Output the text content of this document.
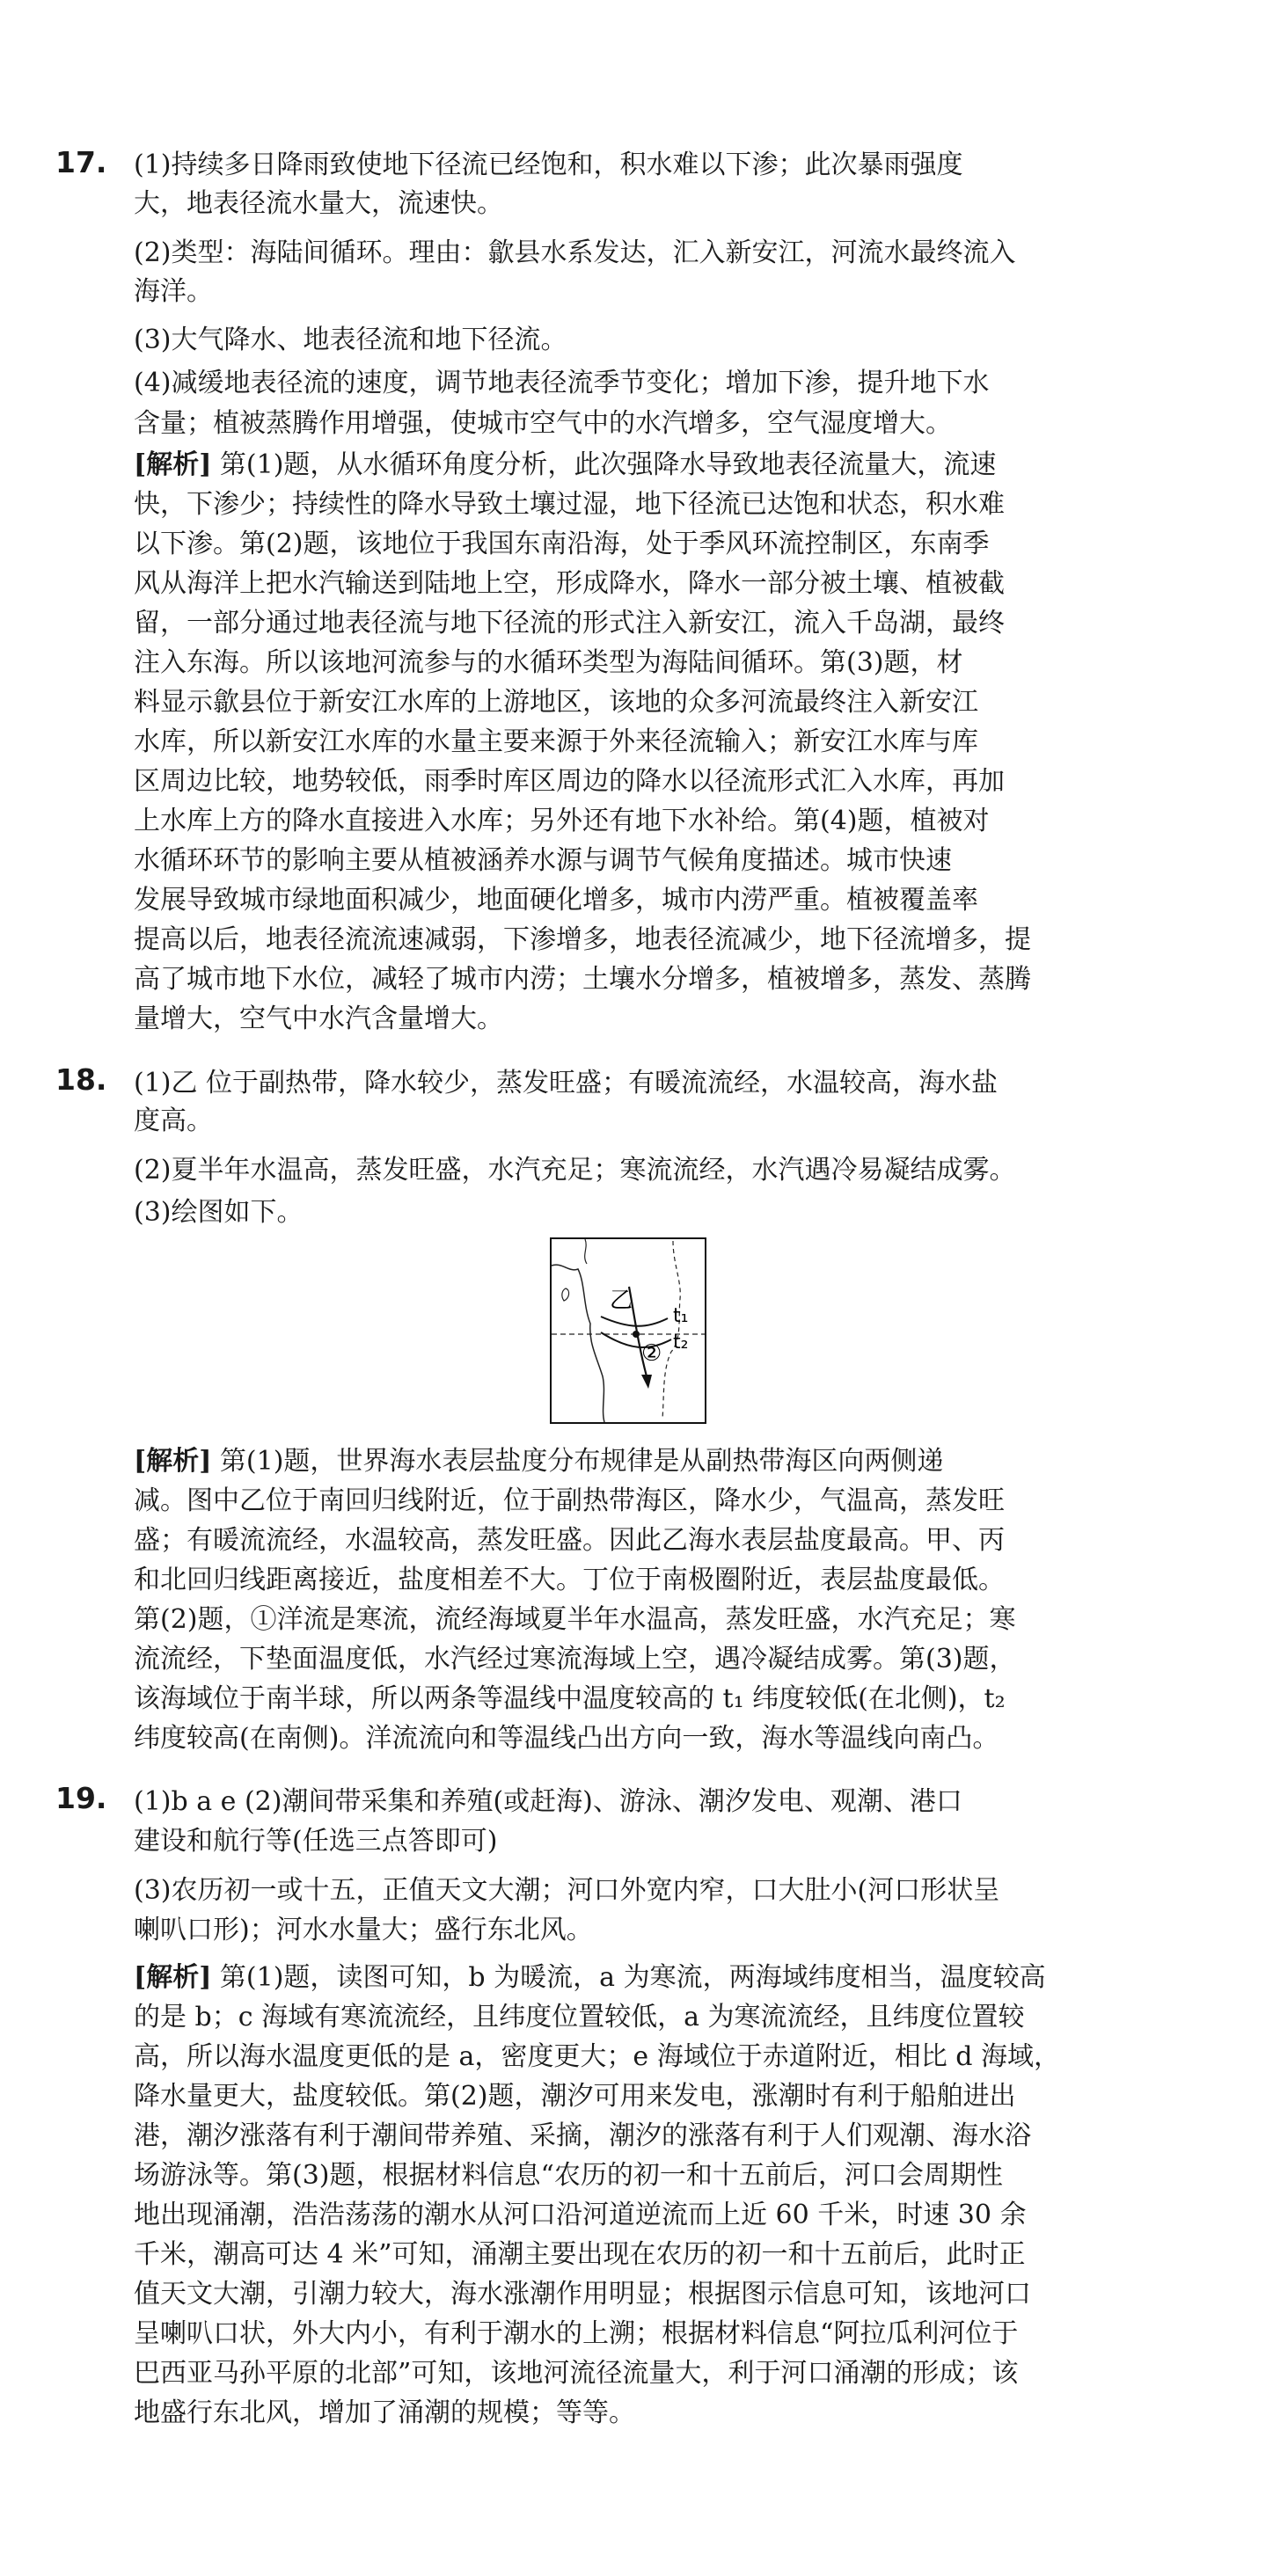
17. (1)持续多日降雨致使地下径流已经饱和，积水难以下渗；此次暴雨强度

大，地表径流水量大，流速快。

(2)类型：海陆间循环。理由：歙县水系发达，汇入新安江，河流水最终流入

海洋。

(3)大气降水、地表径流和地下径流。

(4)减缓地表径流的速度，调节地表径流季节变化；增加下渗，提升地下水

含量；植被蒸腾作用增强，使城市空气中的水汽增多，空气湿度增大。

[解析] 第(1)题，从水循环角度分析，此次强降水导致地表径流量大，流速

快，下渗少；持续性的降水导致土壤过湿，地下径流已达饱和状态，积水难

以下渗。第(2)题，该地位于我国东南沿海，处于季风环流控制区，东南季

风从海洋上把水汽输送到陆地上空，形成降水，降水一部分被土壤、植被截

留，一部分通过地表径流与地下径流的形式注入新安江，流入千岛湖，最终

注入东海。所以该地河流参与的水循环类型为海陆间循环。第(3)题，材

料显示歙县位于新安江水库的上游地区，该地的众多河流最终注入新安江

水库，所以新安江水库的水量主要来源于外来径流输入；新安江水库与库

区周边比较，地势较低，雨季时库区周边的降水以径流形式汇入水库，再加

上水库上方的降水直接进入水库；另外还有地下水补给。第(4)题，植被对

水循环环节的影响主要从植被涵养水源与调节气候角度描述。城市快速

发展导致城市绿地面积减少，地面硬化增多，城市内涝严重。植被覆盖率

提高以后，地表径流流速减弱，下渗增多，地表径流减少，地下径流增多，提

高了城市地下水位，减轻了城市内涝；土壤水分增多，植被增多，蒸发、蒸腾

量增大，空气中水汽含量增大。

18. (1)乙 位于副热带，降水较少，蒸发旺盛；有暖流流经，水温较高，海水盐

度高。

(2)夏半年水温高，蒸发旺盛，水汽充足；寒流流经，水汽遇冷易凝结成雾。

(3)绘图如下。

乙
t₁
t₂
②

[解析] 第(1)题，世界海水表层盐度分布规律是从副热带海区向两侧递

减。图中乙位于南回归线附近，位于副热带海区，降水少，气温高，蒸发旺

盛；有暖流流经，水温较高，蒸发旺盛。因此乙海水表层盐度最高。甲、丙

和北回归线距离接近，盐度相差不大。丁位于南极圈附近，表层盐度最低。

第(2)题，①洋流是寒流，流经海域夏半年水温高，蒸发旺盛，水汽充足；寒

流流经，下垫面温度低，水汽经过寒流海域上空，遇冷凝结成雾。第(3)题，

该海域位于南半球，所以两条等温线中温度较高的 t₁ 纬度较低(在北侧)，t₂

纬度较高(在南侧)。洋流流向和等温线凸出方向一致，海水等温线向南凸。

19. (1)b a e (2)潮间带采集和养殖(或赶海)、游泳、潮汐发电、观潮、港口

建设和航行等(任选三点答即可)

(3)农历初一或十五，正值天文大潮；河口外宽内窄，口大肚小(河口形状呈

喇叭口形)；河水水量大；盛行东北风。

[解析] 第(1)题，读图可知，b 为暖流，a 为寒流，两海域纬度相当，温度较高

的是 b；c 海域有寒流流经，且纬度位置较低，a 为寒流流经，且纬度位置较

高，所以海水温度更低的是 a，密度更大；e 海域位于赤道附近，相比 d 海域，

降水量更大，盐度较低。第(2)题，潮汐可用来发电，涨潮时有利于船舶进出

港，潮汐涨落有利于潮间带养殖、采摘，潮汐的涨落有利于人们观潮、海水浴

场游泳等。第(3)题，根据材料信息“农历的初一和十五前后，河口会周期性

地出现涌潮，浩浩荡荡的潮水从河口沿河道逆流而上近 60 千米，时速 30 余

千米，潮高可达 4 米”可知，涌潮主要出现在农历的初一和十五前后，此时正

值天文大潮，引潮力较大，海水涨潮作用明显；根据图示信息可知，该地河口

呈喇叭口状，外大内小，有利于潮水的上溯；根据材料信息“阿拉瓜利河位于

巴西亚马孙平原的北部”可知，该地河流径流量大，利于河口涌潮的形成；该

地盛行东北风，增加了涌潮的规模；等等。
